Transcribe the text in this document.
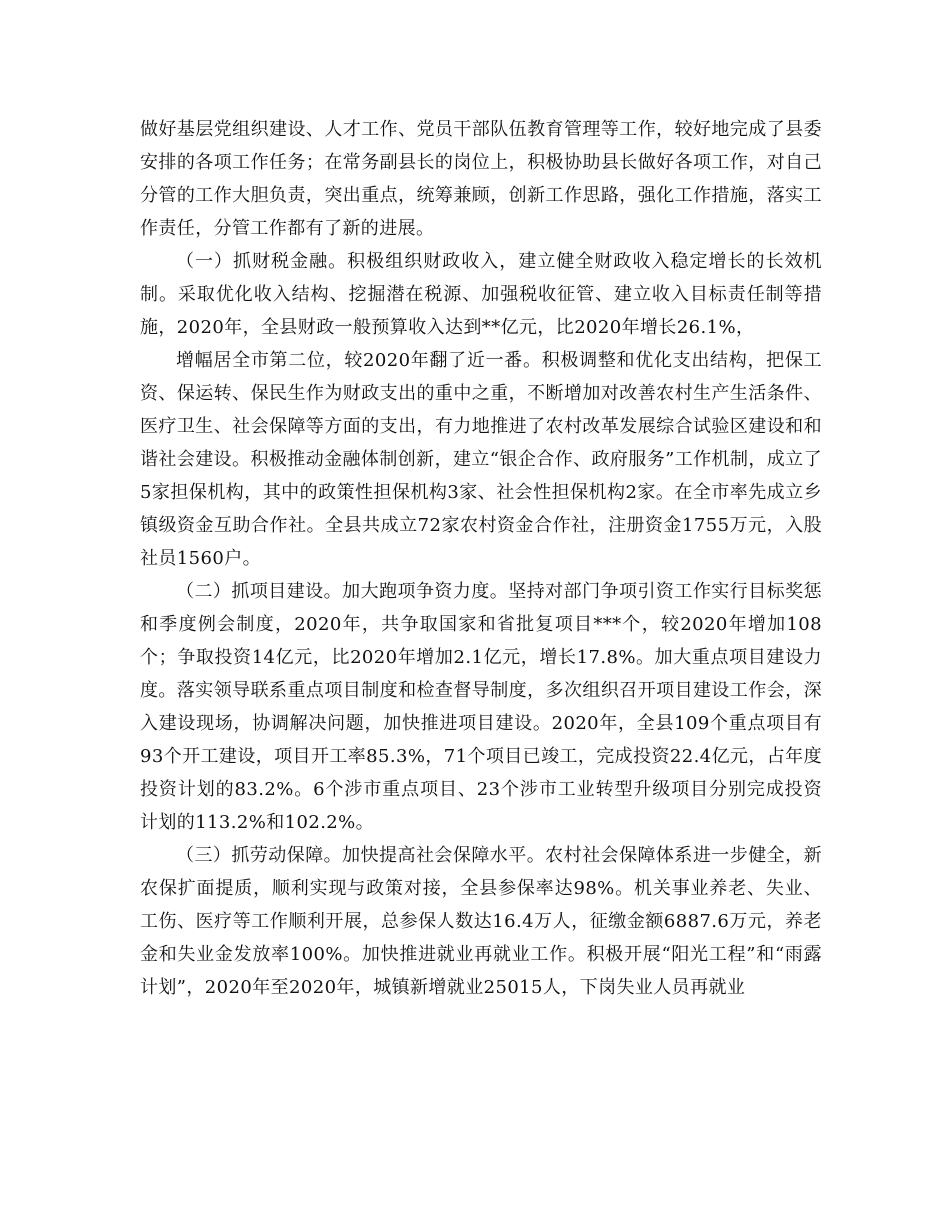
做好基层党组织建设、人才工作、党员干部队伍教育管理等工作，较好地完成了县委安排的各项工作任务；在常务副县长的岗位上，积极协助县长做好各项工作，对自己分管的工作大胆负责，突出重点，统筹兼顾，创新工作思路，强化工作措施，落实工作责任，分管工作都有了新的进展。

（一）抓财税金融。积极组织财政收入，建立健全财政收入稳定增长的长效机制。采取优化收入结构、挖掘潜在税源、加强税收征管、建立收入目标责任制等措施，2020年，全县财政一般预算收入达到**亿元，比2020年增长26.1%，

增幅居全市第二位，较2020年翻了近一番。积极调整和优化支出结构，把保工资、保运转、保民生作为财政支出的重中之重，不断增加对改善农村生产生活条件、医疗卫生、社会保障等方面的支出，有力地推进了农村改革发展综合试验区建设和和谐社会建设。积极推动金融体制创新，建立“银企合作、政府服务”工作机制，成立了5家担保机构，其中的政策性担保机构3家、社会性担保机构2家。在全市率先成立乡镇级资金互助合作社。全县共成立72家农村资金合作社，注册资金1755万元，入股社员1560户。

（二）抓项目建设。加大跑项争资力度。坚持对部门争项引资工作实行目标奖惩和季度例会制度，2020年，共争取国家和省批复项目***个，较2020年增加108个；争取投资14亿元，比2020年增加2.1亿元，增长17.8%。加大重点项目建设力度。落实领导联系重点项目制度和检查督导制度，多次组织召开项目建设工作会，深入建设现场，协调解决问题，加快推进项目建设。2020年，全县109个重点项目有93个开工建设，项目开工率85.3%，71个项目已竣工，完成投资22.4亿元，占年度投资计划的83.2%。6个涉市重点项目、23个涉市工业转型升级项目分别完成投资计划的113.2%和102.2%。

（三）抓劳动保障。加快提高社会保障水平。农村社会保障体系进一步健全，新农保扩面提质，顺利实现与政策对接，全县参保率达98%。机关事业养老、失业、工伤、医疗等工作顺利开展，总参保人数达16.4万人，征缴金额6887.6万元，养老金和失业金发放率100%。加快推进就业再就业工作。积极开展“阳光工程”和“雨露计划”，2020年至2020年，城镇新增就业25015人，下岗失业人员再就业
